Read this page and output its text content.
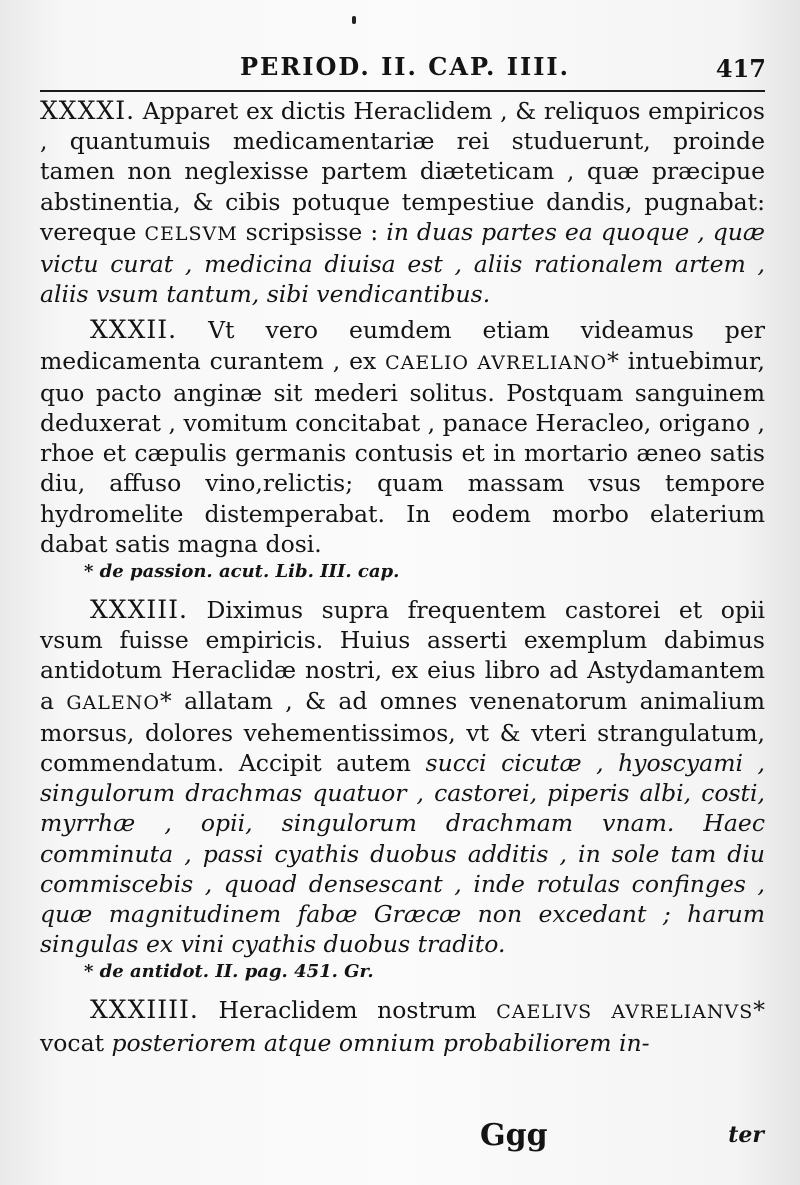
PERIOD. II. CAP. IIII.	417

XXXXI. Apparet ex dictis Heraclidem , & reliquos empiricos , quantumuis medicamentariæ rei studuerunt, proinde tamen non neglexisse partem diæteticam , quæ præcipue abstinentia, & cibis potuque tempestiue dandis, pugnabat: vereque CELSVM scripsisse : in duas partes ea quoque , quæ victu curat , medicina diuisa est , aliis rationalem artem , aliis vsum tantum, sibi vendicantibus.

XXXII. Vt vero eumdem etiam videamus per medicamenta curantem , ex CAELIO AVRELIANO* intuebimur, quo pacto anginæ sit mederi solitus. Postquam sanguinem deduxerat , vomitum concitabat , panace Heracleo, origano , rhoe et cæpulis germanis contusis et in mortario æneo satis diu, affuso vino,relictis; quam massam vsus tempore hydromelite distemperabat. In eodem morbo elaterium dabat satis magna dosi.

* de passion. acut. Lib. III. cap.

XXXIII. Diximus supra frequentem castorei et opii vsum fuisse empiricis. Huius asserti exemplum dabimus antidotum Heraclidæ nostri, ex eius libro ad Astydamantem a GALENO* allatam , & ad omnes venenatorum animalium morsus, dolores vehementissimos, vt & vteri strangulatum, commendatum. Accipit autem succi cicutæ , hyoscyami , singulorum drachmas quatuor , castorei, piperis albi, costi, myrrhæ , opii, singulorum drachmam vnam. Haec comminuta , passi cyathis duobus additis , in sole tam diu commiscebis , quoad densescant , inde rotulas confinges , quæ magnitudinem fabæ Græcæ non excedant ; harum singulas ex vini cyathis duobus tradito.

* de antidot. II. pag. 451. Gr.

XXXIIII. Heraclidem nostrum CAELIVS AVRELIANVS* vocat posteriorem atque omnium probabiliorem in-

Ggg	ter
